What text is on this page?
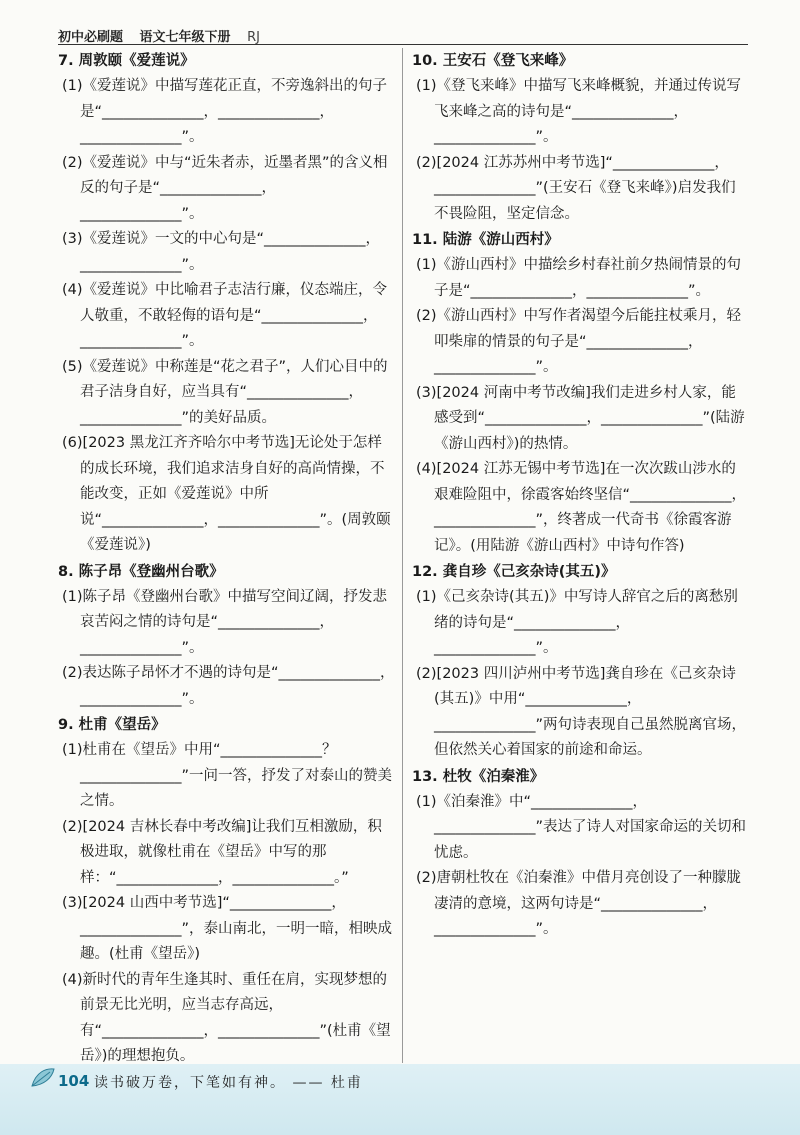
初中必刷题 语文七年级下册 RJ
7. 周敦颐《爱莲说》
(1)《爱莲说》中描写莲花正直，不旁逸斜出的句子是“______________，______________，______________”。
(2)《爱莲说》中与“近朱者赤，近墨者黑”的含义相反的句子是“______________，______________”。
(3)《爱莲说》一文的中心句是“______________，______________”。
(4)《爱莲说》中比喻君子志洁行廉，仪态端庄，令人敬重，不敢轻侮的语句是“______________，______________”。
(5)《爱莲说》中称莲是“花之君子”，人们心目中的君子洁身自好，应当具有“______________，______________”的美好品质。
(6)[2023 黑龙江齐齐哈尔中考节选]无论处于怎样的成长环境，我们追求洁身自好的高尚情操，不能改变，正如《爱莲说》中所说“______________，______________”。(周敦颐《爱莲说》)
8. 陈子昂《登幽州台歌》
(1)陈子昂《登幽州台歌》中描写空间辽阔，抒发悲哀苦闷之情的诗句是“______________，______________”。
(2)表达陈子昂怀才不遇的诗句是“______________，______________”。
9. 杜甫《望岳》
(1)杜甫在《望岳》中用“______________？______________”一问一答，抒发了对泰山的赞美之情。
(2)[2024 吉林长春中考改编]让我们互相激励，积极进取，就像杜甫在《望岳》中写的那样：“______________，______________。”
(3)[2024 山西中考节选]“______________，______________”，泰山南北，一明一暗，相映成趣。(杜甫《望岳》)
(4)新时代的青年生逢其时、重任在肩，实现梦想的前景无比光明，应当志存高远，有“______________，______________”(杜甫《望岳》)的理想抱负。
10. 王安石《登飞来峰》
(1)《登飞来峰》中描写飞来峰概貌，并通过传说写飞来峰之高的诗句是“______________，______________”。
(2)[2024 江苏苏州中考节选]“______________，______________”(王安石《登飞来峰》)启发我们不畏险阻，坚定信念。
11. 陆游《游山西村》
(1)《游山西村》中描绘乡村春社前夕热闹情景的句子是“______________，______________”。
(2)《游山西村》中写作者渴望今后能拄杖乘月，轻叩柴扉的情景的句子是“______________，______________”。
(3)[2024 河南中考节改编]我们走进乡村人家，能感受到“______________，______________”(陆游《游山西村》)的热情。
(4)[2024 江苏无锡中考节选]在一次次跋山涉水的艰难险阻中，徐霞客始终坚信“______________，______________”，终著成一代奇书《徐霞客游记》。(用陆游《游山西村》中诗句作答)
12. 龚自珍《己亥杂诗(其五)》
(1)《己亥杂诗(其五)》中写诗人辞官之后的离愁别绪的诗句是“______________，______________”。
(2)[2023 四川泸州中考节选]龚自珍在《己亥杂诗(其五)》中用“______________，______________”两句诗表现自己虽然脱离官场，但依然关心着国家的前途和命运。
13. 杜牧《泊秦淮》
(1)《泊秦淮》中“______________，______________”表达了诗人对国家命运的关切和忧虑。
(2)唐朝杜牧在《泊秦淮》中借月亮创设了一种朦胧凄清的意境，这两句诗是“______________，______________”。
104 读书破万卷，下笔如有神。 —— 杜甫
